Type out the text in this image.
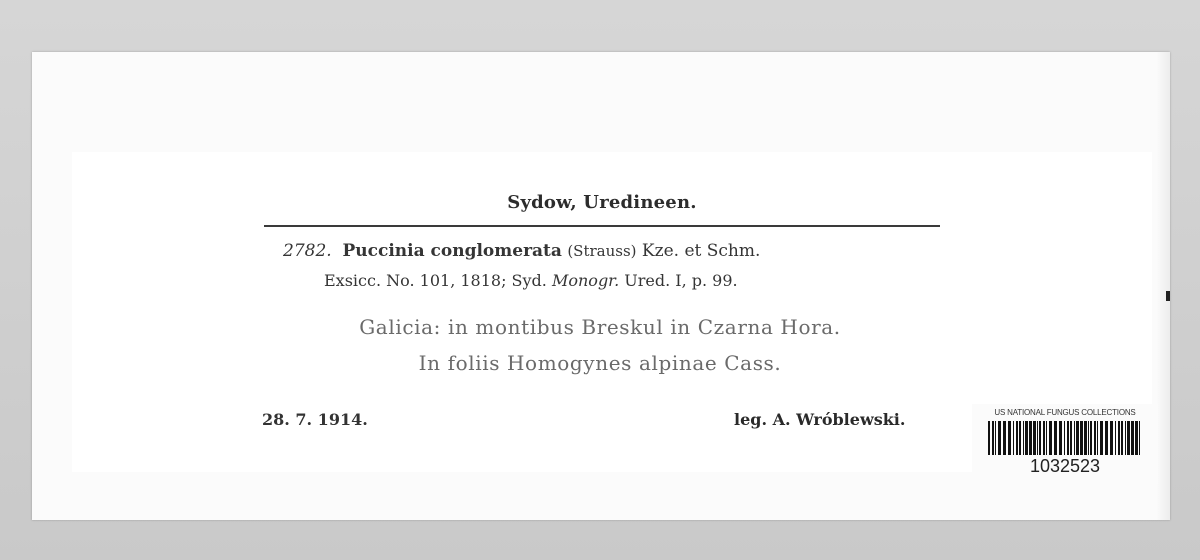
Sydow, Uredineen.
2782. Puccinia conglomerata (Strauss) Kze. et Schm.
Exsicc. No. 101, 1818; Syd. Monogr. Ured. I, p. 99.
Galicia: in montibus Breskul in Czarna Hora.
In foliis Homogynes alpinae Cass.
28. 7. 1914.	leg. A. Wróblewski.	US NATIONAL FUNGUS COLLECTIONS
1032523
